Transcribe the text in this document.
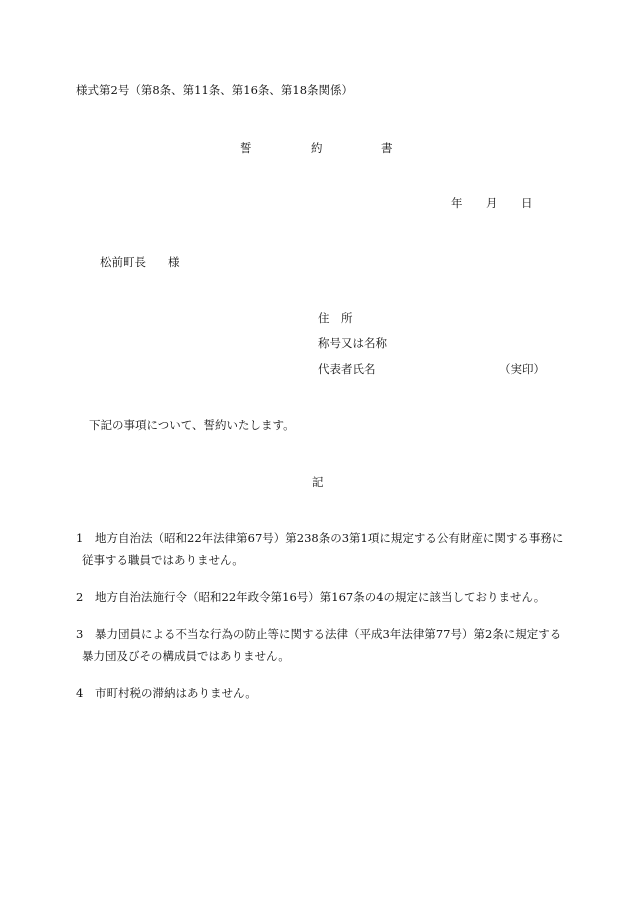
様式第2号（第8条、第11条、第16条、第18条関係）
誓	約	書
年 月 日
松前町長 様
住　所
称号又は名称
代表者氏名	（実印）
下記の事項について、誓約いたします。
記
1 地方自治法（昭和22年法律第67号）第238条の3第1項に規定する公有財産に関する事務に
従事する職員ではありません。
2 地方自治法施行令（昭和22年政令第16号）第167条の4の規定に該当しておりません。
3 暴力団員による不当な行為の防止等に関する法律（平成3年法律第77号）第2条に規定する
暴力団及びその構成員ではありません。
4 市町村税の滞納はありません。
